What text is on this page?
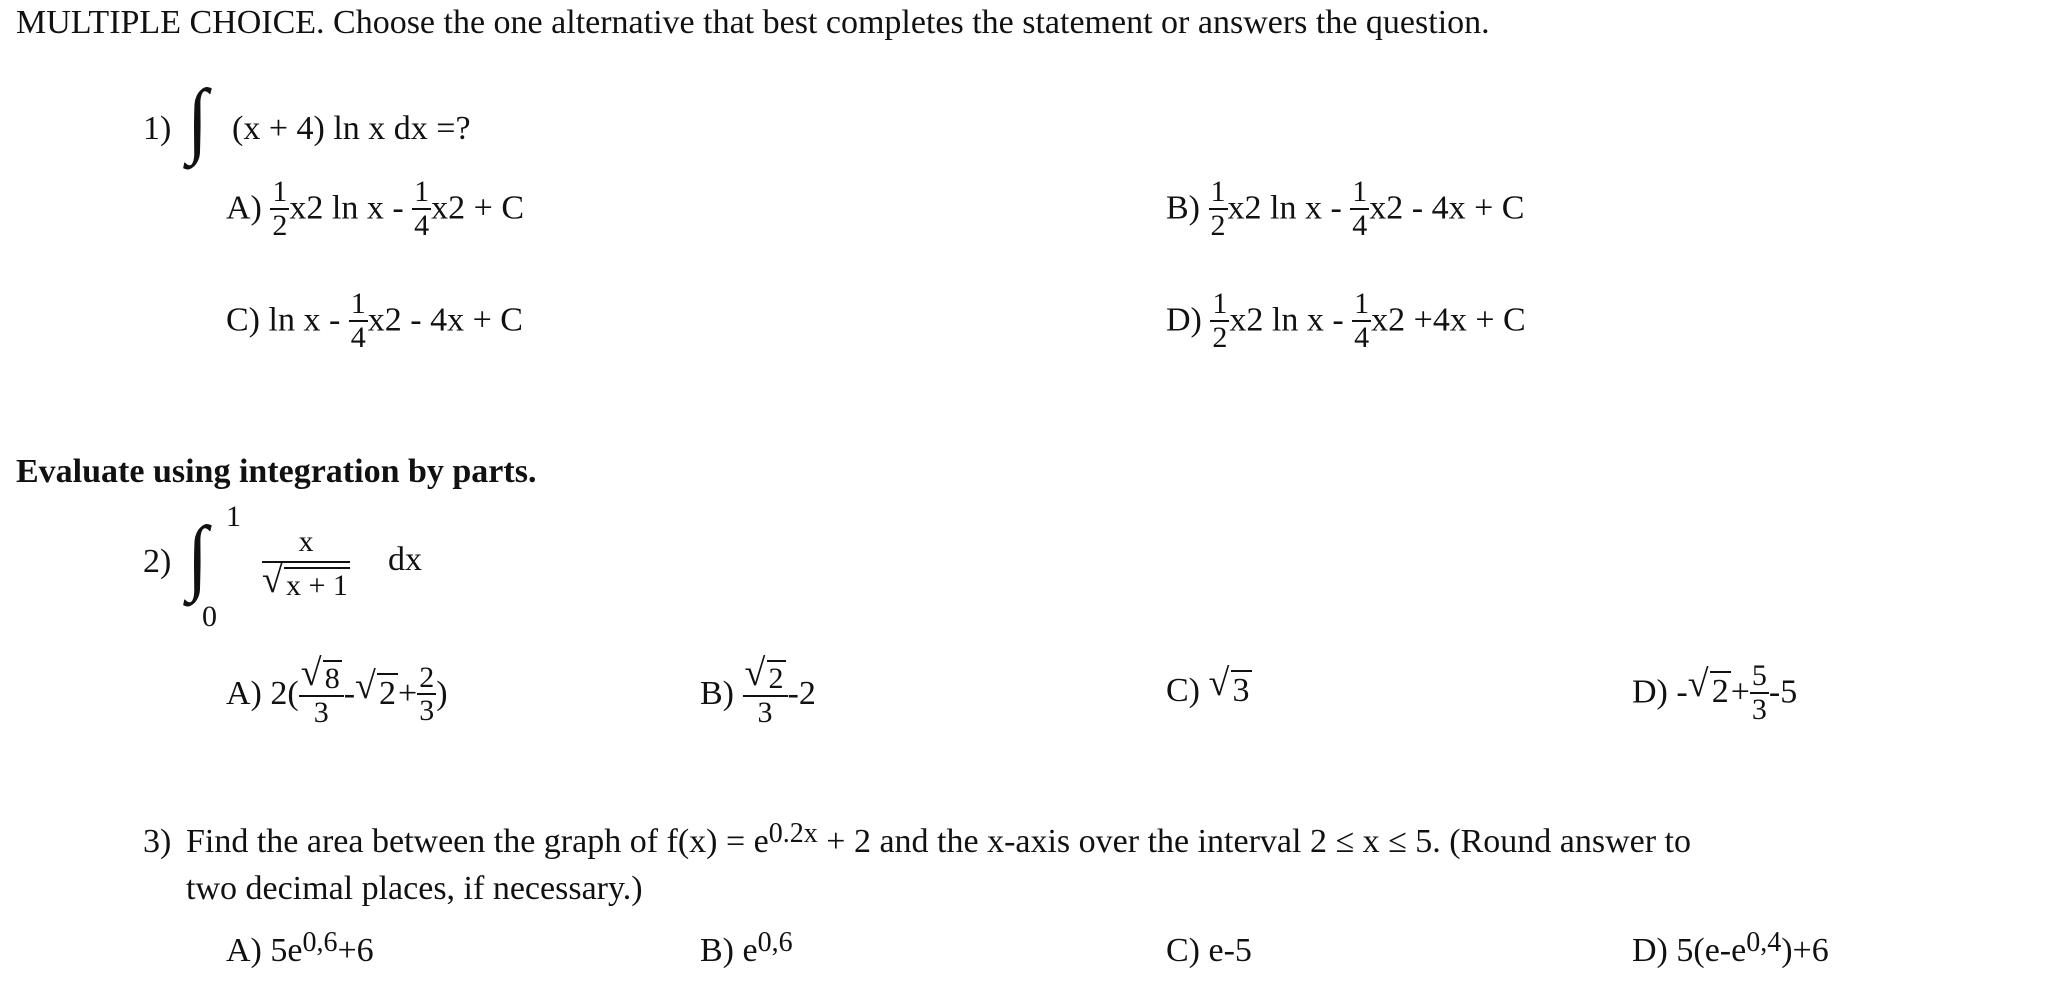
MULTIPLE CHOICE. Choose the one alternative that best completes the statement or answers the question.
1) ∫ (x + 4) ln x dx =?
$A) \frac{1}{2} x2$ $\ln x - \frac{1}{4} x2 + C$	$B) \frac{1}{2} x2$ $\ln x - \frac{1}{4} x2 - 4x + C$
C) $\ln x - \frac{1}{4} x2 - 4x + C$	$D) \frac{1}{2} x2$ $\ln x - \frac{1}{4} x2 +4x + C$
Evaluate using integration by parts.
2) ∫ 1
0
$\frac{x}{√ x + 1}$ dx
A) $2( \frac{√ 8}{3}$ - √ $2+ \frac{2}{3}$ )	$B) \frac{√ 2}{3} -2$	C) √ 3	D) - √ $2+ \frac{5}{3} -5$
3) Find the area between the graph of $f(x) = e^{0.2x} + 2$ and the x-axis over the interval 2 ≤ x ≤ 5. (Round answer to
two decimal places, if necessary.)
A) $5e^{0,6}+6$	B) $e^{0,6}$	C) e-5	D) $5(e-e^{0,4})+6$
